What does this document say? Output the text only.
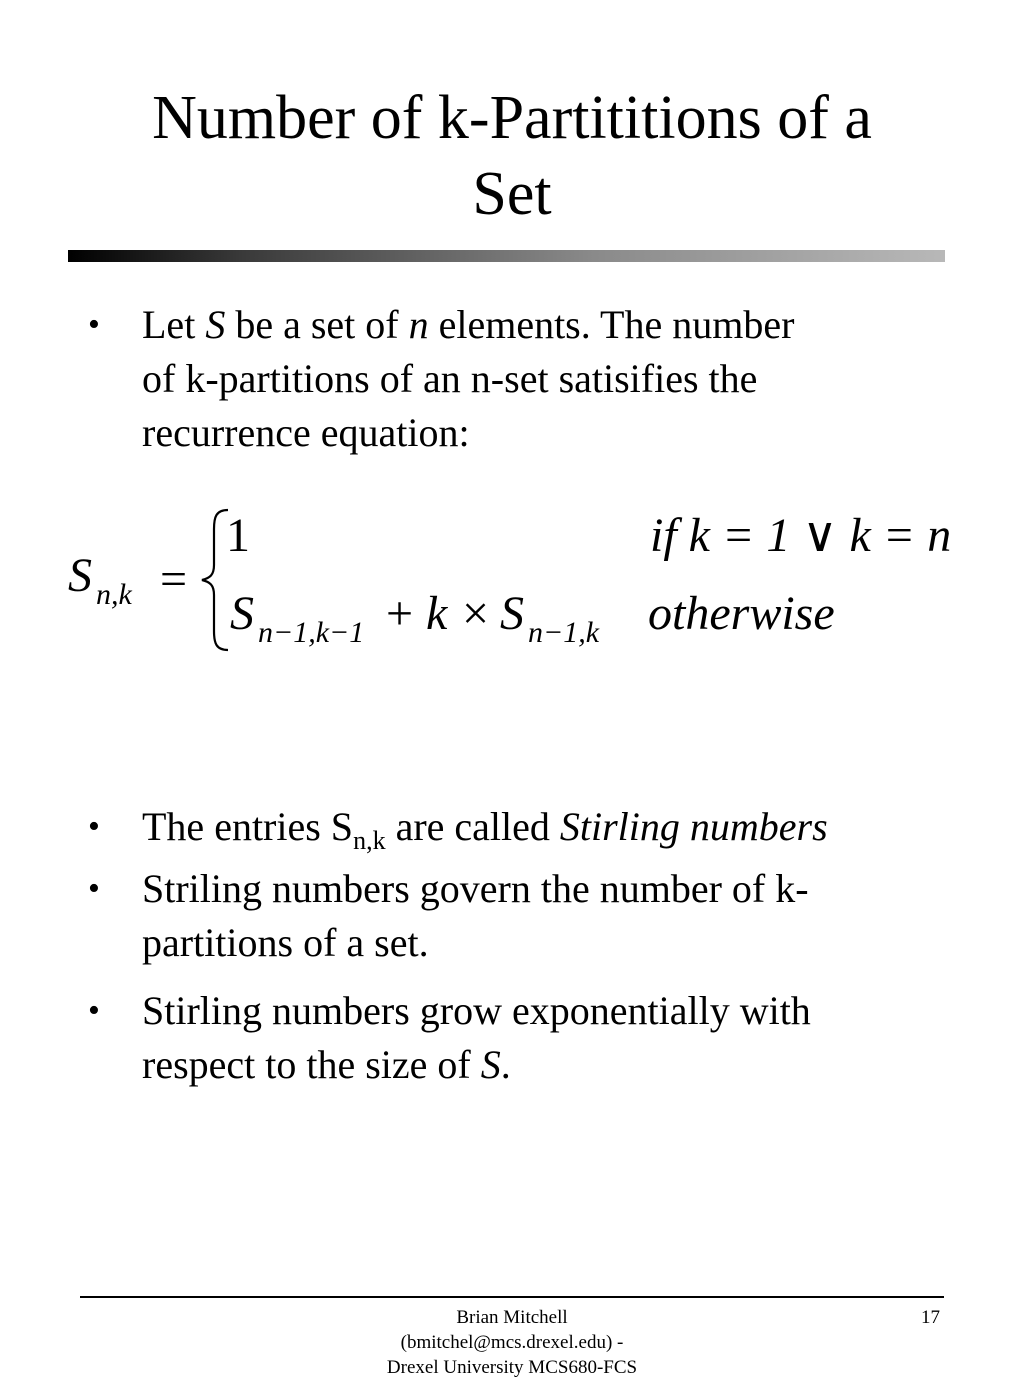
Number of k-Partititions of a
Set
• Let S be a set of n elements. The number
of k-partitions of an n-set satisifies the
recurrence equation:
• The entries $S_{n,k}$ are called Stirling numbers
• Striling numbers govern the number of k-
partitions of a set.
• Stirling numbers grow exponentially with
respect to the size of S.
S n,k =
1	if k = 1 ∨ k = n
S n−1,k−1 + k × S n−1,k otherwise
Brian Mitchell
(bmitchel@mcs.drexel.edu) -
Drexel University MCS680-FCS
17
